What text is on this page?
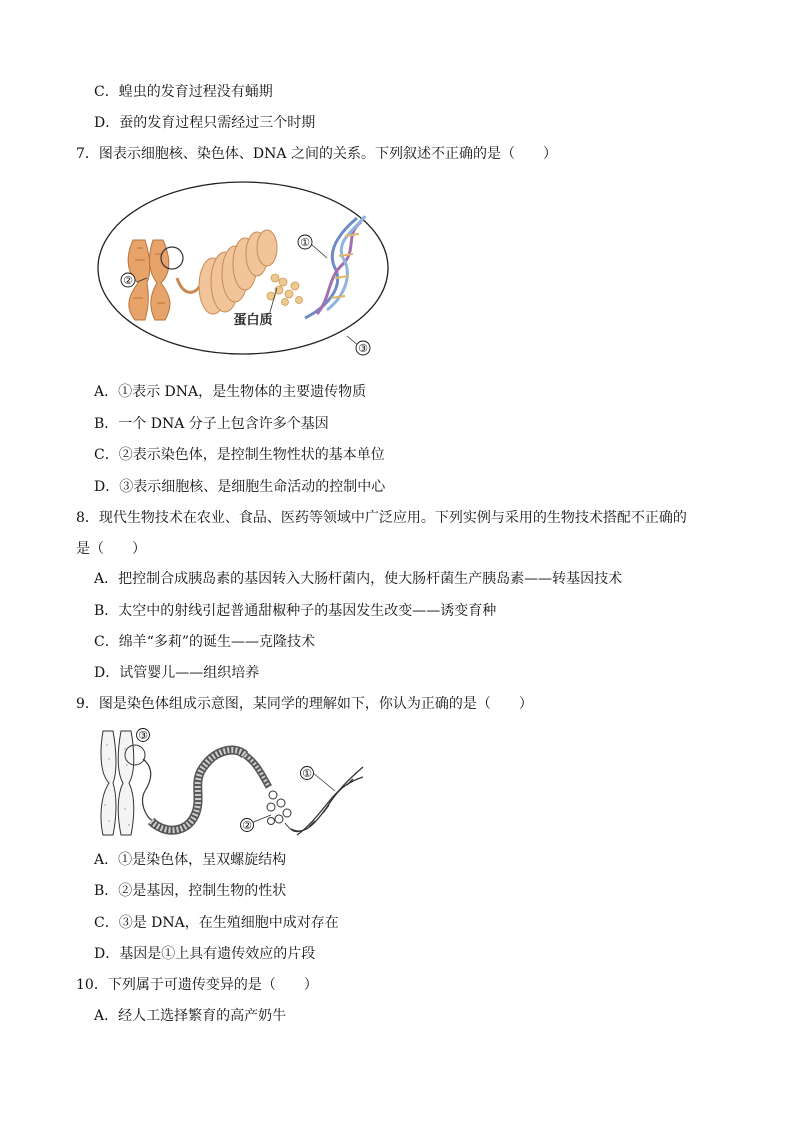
C．蝗虫的发育过程没有蛹期
D．蚕的发育过程只需经过三个时期
7．图表示细胞核、染色体、DNA 之间的关系。下列叙述不正确的是（　　）
①
②
③
蛋白质
A．①表示 DNA，是生物体的主要遗传物质
B．一个 DNA 分子上包含许多个基因
C．②表示染色体，是控制生物性状的基本单位
D．③表示细胞核、是细胞生命活动的控制中心
8．现代生物技术在农业、食品、医药等领域中广泛应用。下列实例与采用的生物技术搭配不正确的
是（　　）
A．把控制合成胰岛素的基因转入大肠杆菌内，使大肠杆菌生产胰岛素——转基因技术
B．太空中的射线引起普通甜椒种子的基因发生改变——诱变育种
C．绵羊“多莉”的诞生——克隆技术
D．试管婴儿——组织培养
9．图是染色体组成示意图，某同学的理解如下，你认为正确的是（　　）
①
②
③
A．①是染色体，呈双螺旋结构
B．②是基因，控制生物的性状
C．③是 DNA，在生殖细胞中成对存在
D．基因是①上具有遗传效应的片段
10．下列属于可遗传变异的是（　　）
A．经人工选择繁育的高产奶牛
